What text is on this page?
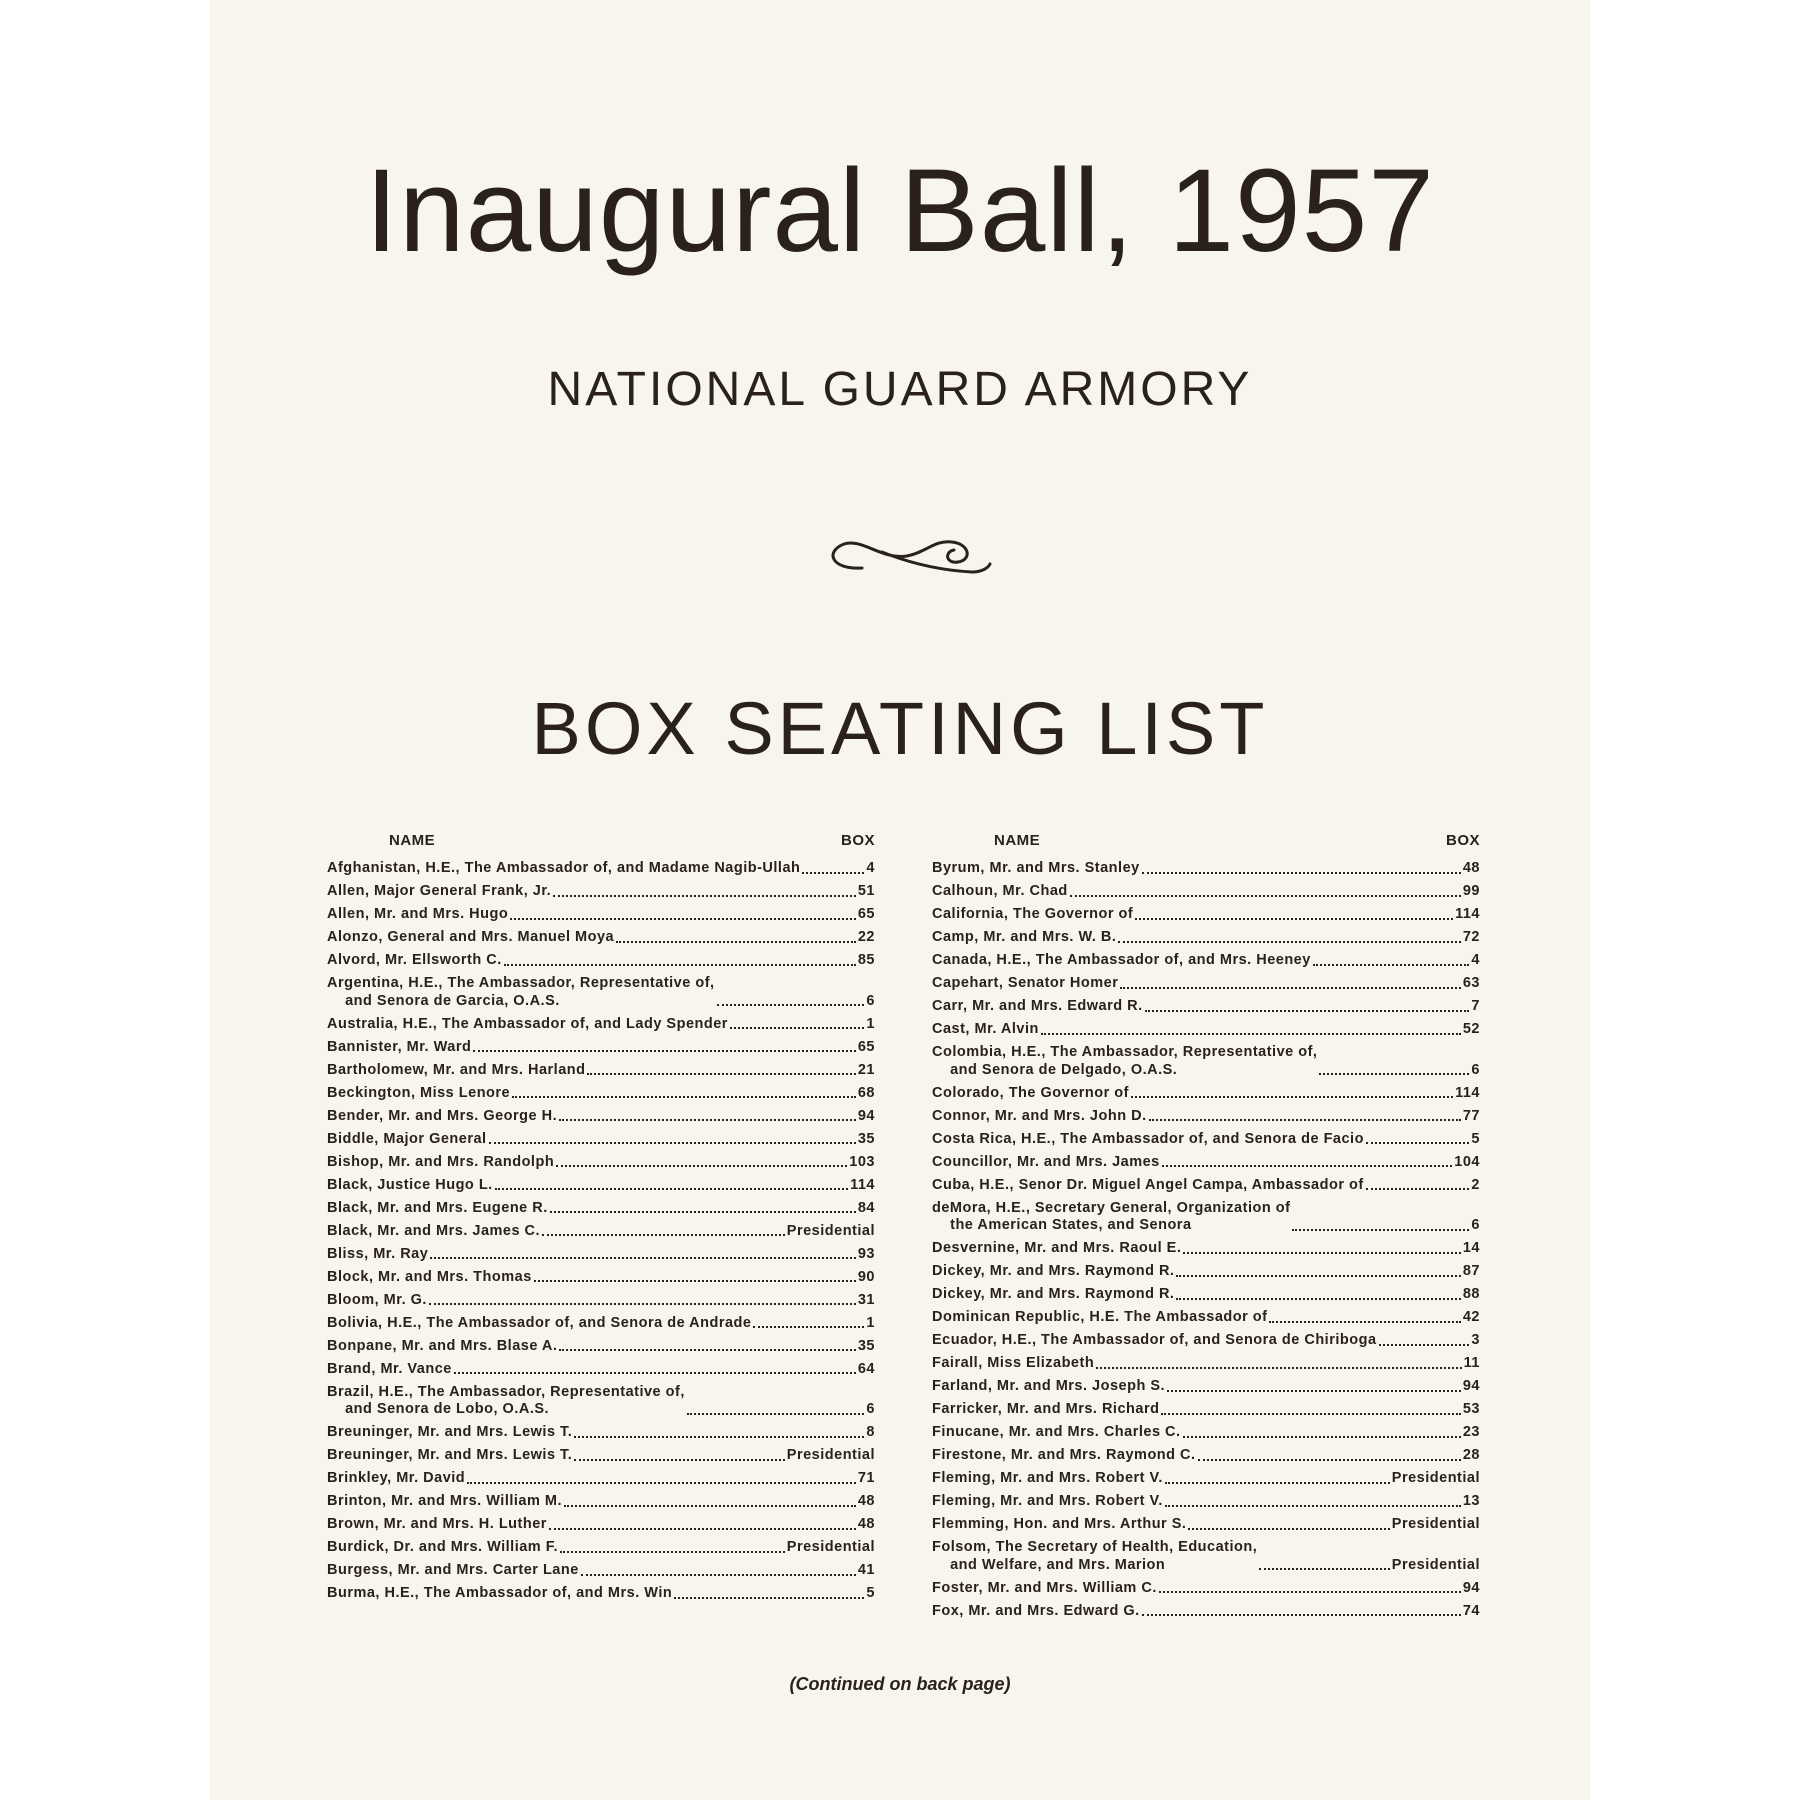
Inaugural Ball, 1957
NATIONAL GUARD ARMORY
BOX SEATING LIST
NAME	BOX
Afghanistan, H.E., The Ambassador of, and Madame Nagib-Ullah	4
Allen, Major General Frank, Jr.	51
Allen, Mr. and Mrs. Hugo	65
Alonzo, General and Mrs. Manuel Moya	22
Alvord, Mr. Ellsworth C.	85
Argentina, H.E., The Ambassador, Representative of,
and Senora de Garcia, O.A.S.	6
Australia, H.E., The Ambassador of, and Lady Spender	1
Bannister, Mr. Ward	65
Bartholomew, Mr. and Mrs. Harland	21
Beckington, Miss Lenore	68
Bender, Mr. and Mrs. George H.	94
Biddle, Major General	35
Bishop, Mr. and Mrs. Randolph	103
Black, Justice Hugo L.	114
Black, Mr. and Mrs. Eugene R.	84
Black, Mr. and Mrs. James C.	Presidential
Bliss, Mr. Ray	93
Block, Mr. and Mrs. Thomas	90
Bloom, Mr. G.	31
Bolivia, H.E., The Ambassador of, and Senora de Andrade	1
Bonpane, Mr. and Mrs. Blase A.	35
Brand, Mr. Vance	64
Brazil, H.E., The Ambassador, Representative of,
and Senora de Lobo, O.A.S.	6
Breuninger, Mr. and Mrs. Lewis T.	8
Breuninger, Mr. and Mrs. Lewis T.	Presidential
Brinkley, Mr. David	71
Brinton, Mr. and Mrs. William M.	48
Brown, Mr. and Mrs. H. Luther	48
Burdick, Dr. and Mrs. William F.	Presidential
Burgess, Mr. and Mrs. Carter Lane	41
Burma, H.E., The Ambassador of, and Mrs. Win	5
NAME	BOX
Byrum, Mr. and Mrs. Stanley	48
Calhoun, Mr. Chad	99
California, The Governor of	114
Camp, Mr. and Mrs. W. B.	72
Canada, H.E., The Ambassador of, and Mrs. Heeney	4
Capehart, Senator Homer	63
Carr, Mr. and Mrs. Edward R.	7
Cast, Mr. Alvin	52
Colombia, H.E., The Ambassador, Representative of,
and Senora de Delgado, O.A.S.	6
Colorado, The Governor of	114
Connor, Mr. and Mrs. John D.	77
Costa Rica, H.E., The Ambassador of, and Senora de Facio	5
Councillor, Mr. and Mrs. James	104
Cuba, H.E., Senor Dr. Miguel Angel Campa, Ambassador of	2
deMora, H.E., Secretary General, Organization of
the American States, and Senora	6
Desvernine, Mr. and Mrs. Raoul E.	14
Dickey, Mr. and Mrs. Raymond R.	87
Dickey, Mr. and Mrs. Raymond R.	88
Dominican Republic, H.E. The Ambassador of	42
Ecuador, H.E., The Ambassador of, and Senora de Chiriboga	3
Fairall, Miss Elizabeth	11
Farland, Mr. and Mrs. Joseph S.	94
Farricker, Mr. and Mrs. Richard	53
Finucane, Mr. and Mrs. Charles C.	23
Firestone, Mr. and Mrs. Raymond C.	28
Fleming, Mr. and Mrs. Robert V.	Presidential
Fleming, Mr. and Mrs. Robert V.	13
Flemming, Hon. and Mrs. Arthur S.	Presidential
Folsom, The Secretary of Health, Education,
and Welfare, and Mrs. Marion	Presidential
Foster, Mr. and Mrs. William C.	94
Fox, Mr. and Mrs. Edward G.	74
(Continued on back page)
